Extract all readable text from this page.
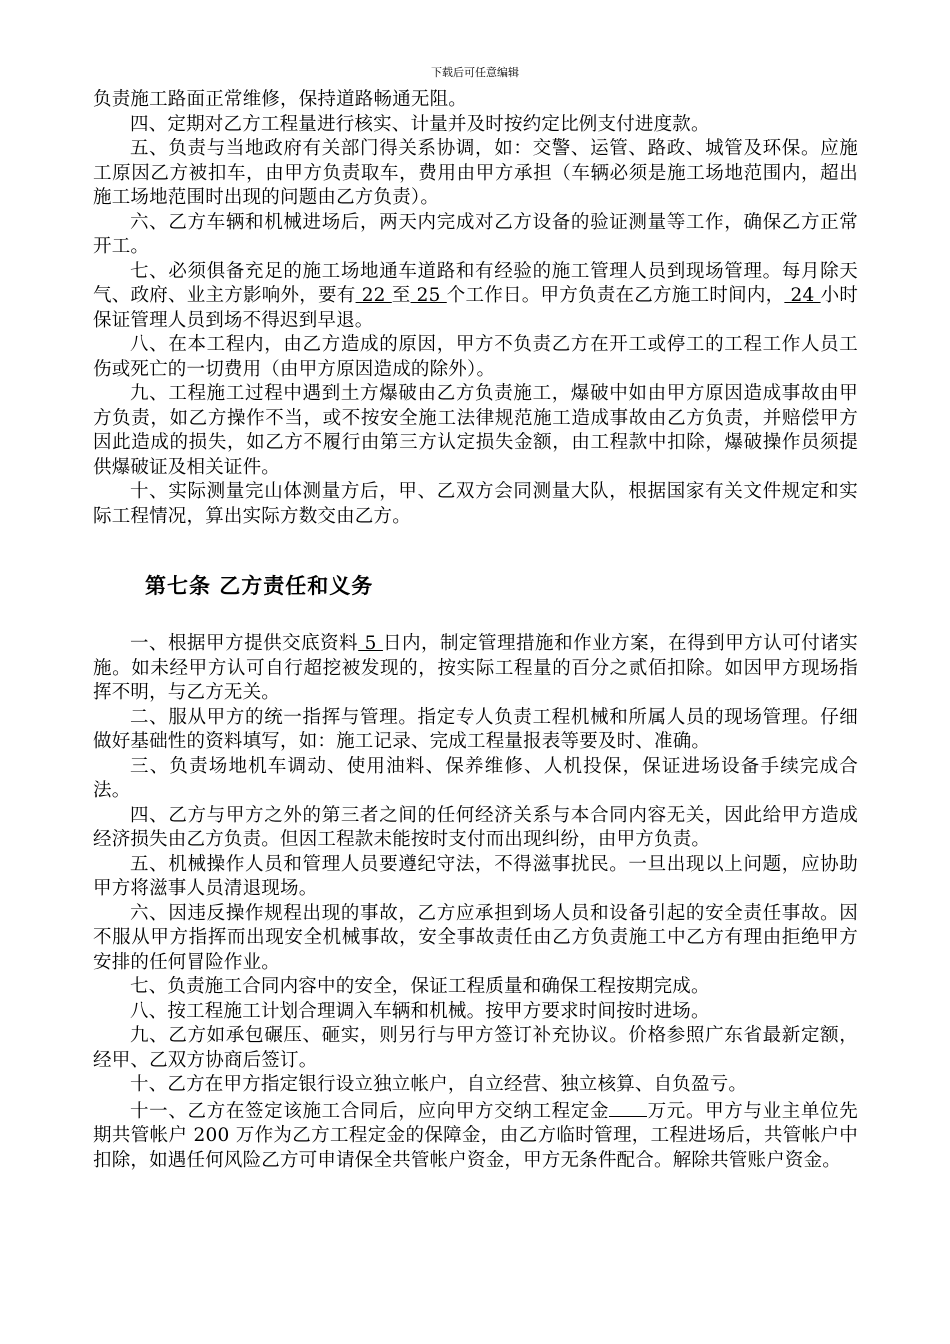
下载后可任意编辑

负责施工路面正常维修，保持道路畅通无阻。

四、定期对乙方工程量进行核实、计量并及时按约定比例支付进度款。

五、负责与当地政府有关部门得关系协调，如：交警、运管、路政、城管及环保。应施工原因乙方被扣车，由甲方负责取车，费用由甲方承担（车辆必须是施工场地范围内，超出施工场地范围时出现的问题由乙方负责）。

六、乙方车辆和机械进场后，两天内完成对乙方设备的验证测量等工作，确保乙方正常开工。

七、必须俱备充足的施工场地通车道路和有经验的施工管理人员到现场管理。每月除天气、政府、业主方影响外，要有 22 至 25 个工作日。甲方负责在乙方施工时间内， 24 小时保证管理人员到场不得迟到早退。

八、在本工程内，由乙方造成的原因，甲方不负责乙方在开工或停工的工程工作人员工伤或死亡的一切费用（由甲方原因造成的除外）。

九、工程施工过程中遇到土方爆破由乙方负责施工，爆破中如由甲方原因造成事故由甲方负责，如乙方操作不当，或不按安全施工法律规范施工造成事故由乙方负责，并赔偿甲方因此造成的损失，如乙方不履行由第三方认定损失金额，由工程款中扣除，爆破操作员须提供爆破证及相关证件。

十、实际测量完山体测量方后，甲、乙双方会同测量大队，根据国家有关文件规定和实际工程情况，算出实际方数交由乙方。

第七条 乙方责任和义务

一、根据甲方提供交底资料 5 日内，制定管理措施和作业方案，在得到甲方认可付诸实施。如未经甲方认可自行超挖被发现的，按实际工程量的百分之贰佰扣除。如因甲方现场指挥不明，与乙方无关。

二、服从甲方的统一指挥与管理。指定专人负责工程机械和所属人员的现场管理。仔细做好基础性的资料填写，如：施工记录、完成工程量报表等要及时、准确。

三、负责场地机车调动、使用油料、保养维修、人机投保，保证进场设备手续完成合法。

四、乙方与甲方之外的第三者之间的任何经济关系与本合同内容无关，因此给甲方造成经济损失由乙方负责。但因工程款未能按时支付而出现纠纷，由甲方负责。

五、机械操作人员和管理人员要遵纪守法，不得滋事扰民。一旦出现以上问题，应协助甲方将滋事人员清退现场。

六、因违反操作规程出现的事故，乙方应承担到场人员和设备引起的安全责任事故。因不服从甲方指挥而出现安全机械事故，安全事故责任由乙方负责施工中乙方有理由拒绝甲方安排的任何冒险作业。

七、负责施工合同内容中的安全，保证工程质量和确保工程按期完成。

八、按工程施工计划合理调入车辆和机械。按甲方要求时间按时进场。

九、乙方如承包碾压、砸实，则另行与甲方签订补充协议。价格参照广东省最新定额，经甲、乙双方协商后签订。

十、乙方在甲方指定银行设立独立帐户，自立经营、独立核算、自负盈亏。

十一、乙方在签定该施工合同后，应向甲方交纳工程定金 万元。甲方与业主单位先期共管帐户 200 万作为乙方工程定金的保障金，由乙方临时管理，工程进场后，共管帐户中扣除，如遇任何风险乙方可申请保全共管帐户资金，甲方无条件配合。解除共管账户资金。
